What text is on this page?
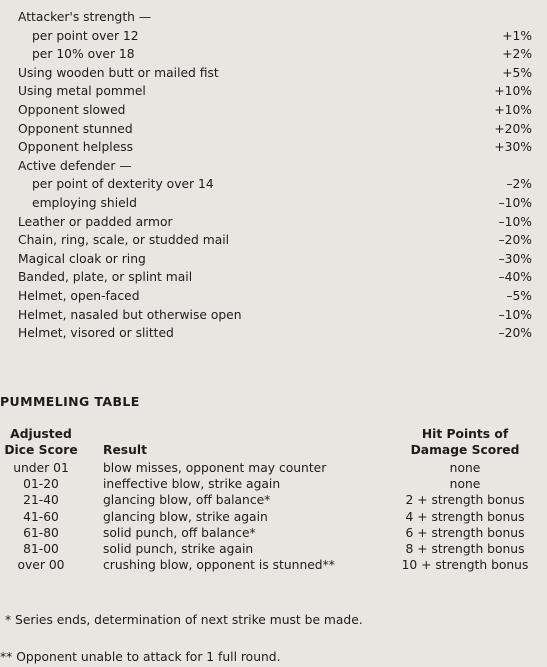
Attacker's strength —
per point over 12	+1%
per 10% over 18	+2%
Using wooden butt or mailed fist	+5%
Using metal pommel	+10%
Opponent slowed	+10%
Opponent stunned	+20%
Opponent helpless	+30%
Active defender —
per point of dexterity over 14	–2%
employing shield	–10%
Leather or padded armor	–10%
Chain, ring, scale, or studded mail	–20%
Magical cloak or ring	–30%
Banded, plate, or splint mail	–40%
Helmet, open-faced	–5%
Helmet, nasaled but otherwise open	–10%
Helmet, visored or slitted	–20%
PUMMELING TABLE
Adjusted
Dice Score	Result
Hit Points of
Damage Scored
under 01	blow misses, opponent may counter	none
01-20	ineffective blow, strike again	none
21-40	glancing blow, off balance*	2 + strength bonus
41-60	glancing blow, strike again	4 + strength bonus
61-80	solid punch, off balance*	6 + strength bonus
81-00	solid punch, strike again	8 + strength bonus
over 00	crushing blow, opponent is stunned**	10 + strength bonus
* Series ends, determination of next strike must be made.
** Opponent unable to attack for 1 full round.
